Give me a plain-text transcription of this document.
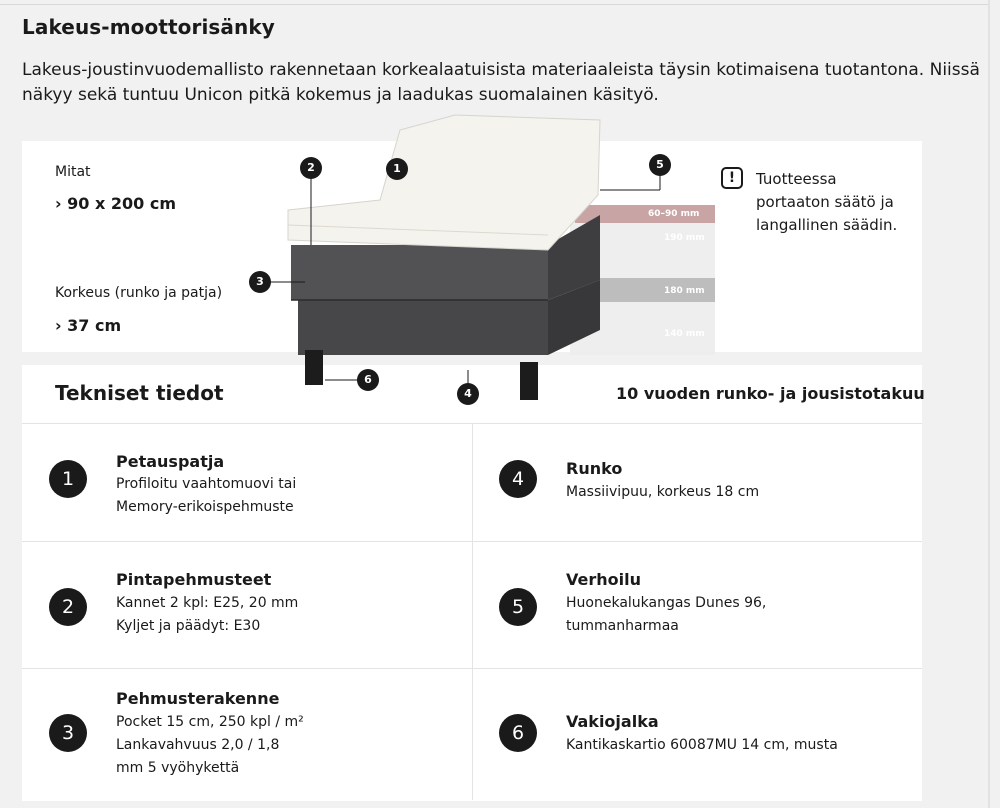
Lakeus-moottorisänky
Lakeus-joustinvuodemallisto rakennetaan korkealaatuisista materiaaleista täysin kotimaisena tuotantona. Niissä näkyy sekä tuntuu Unicon pitkä kokemus ja laadukas suomalainen käsityö.
Mitat
› 90 x 200 cm
Korkeus (runko ja patja)
› 37 cm
!	Tuotteessa portaaton säätö ja langallinen säädin.
Tekniset tiedot	10 vuoden runko- ja jousistotakuu
1
Petauspatja
Profiloitu vaahtomuovi tai Memory-erikoispehmuste
2
Pintapehmusteet
Kannet 2 kpl: E25, 20 mm Kyljet ja päädyt: E30
3
Pehmusterakenne
Pocket 15 cm, 250 kpl / m² Lankavahvuus 2,0 / 1,8 mm 5 vyöhykettä
4	Runko
Massiivipuu, korkeus 18 cm
5
Verhoilu
Huonekalukangas Dunes 96, tummanharmaa
6
Vakiojalka
Kantikaskartio 60087MU 14 cm, musta
60–90 mm
190 mm
180 mm
140 mm
1
2
3
4
5
6
